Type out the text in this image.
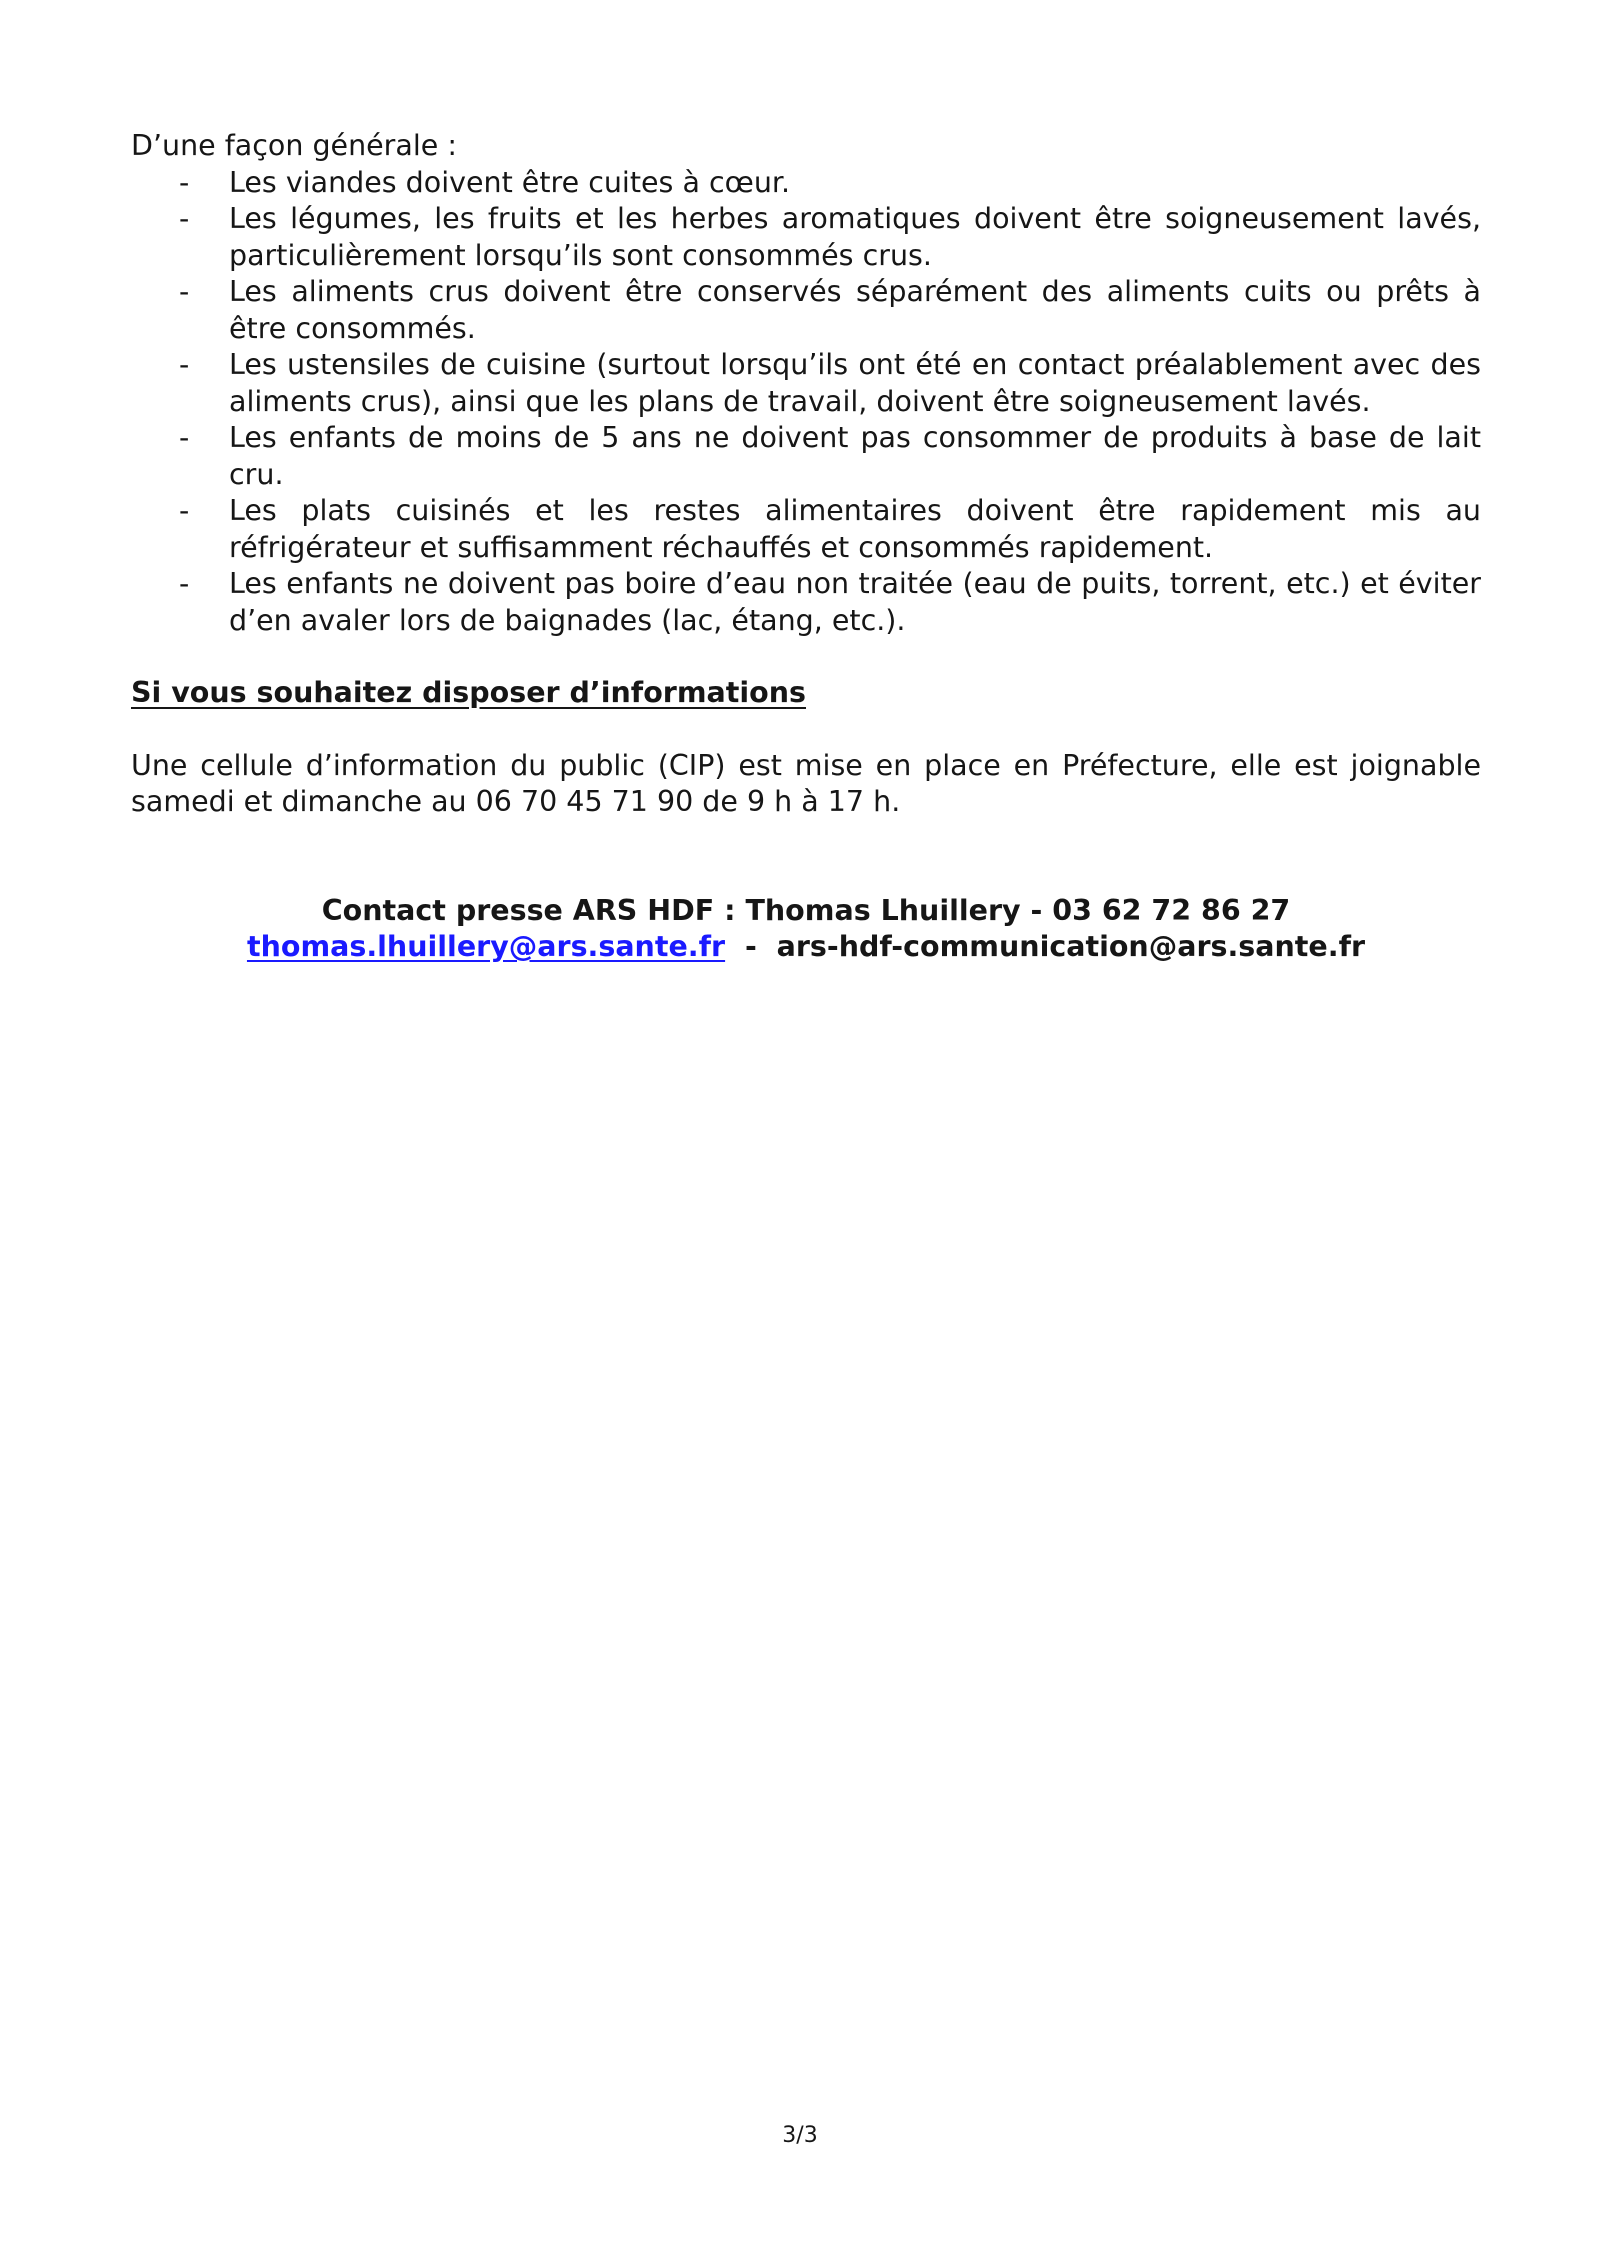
D’une façon générale :

- Les viandes doivent être cuites à cœur.
- Les légumes, les fruits et les herbes aromatiques doivent être soigneusement lavés, particulièrement lorsqu’ils sont consommés crus.
- Les aliments crus doivent être conservés séparément des aliments cuits ou prêts à être consommés.
- Les ustensiles de cuisine (surtout lorsqu’ils ont été en contact préalablement avec des aliments crus), ainsi que les plans de travail, doivent être soigneusement lavés.
- Les enfants de moins de 5 ans ne doivent pas consommer de produits à base de lait cru.
- Les plats cuisinés et les restes alimentaires doivent être rapidement mis au réfrigérateur et suffisamment réchauffés et consommés rapidement.
- Les enfants ne doivent pas boire d’eau non traitée (eau de puits, torrent, etc.) et éviter d’en avaler lors de baignades (lac, étang, etc.).

Si vous souhaitez disposer d’informations

Une cellule d’information du public (CIP) est mise en place en Préfecture, elle est joignable samedi et dimanche au 06 70 45 71 90 de 9 h à 17 h.

Contact presse ARS HDF : Thomas Lhuillery - 03 62 72 86 27

thomas.lhuillery@ars.sante.fr  -  ars-hdf-communication@ars.sante.fr

3/3
